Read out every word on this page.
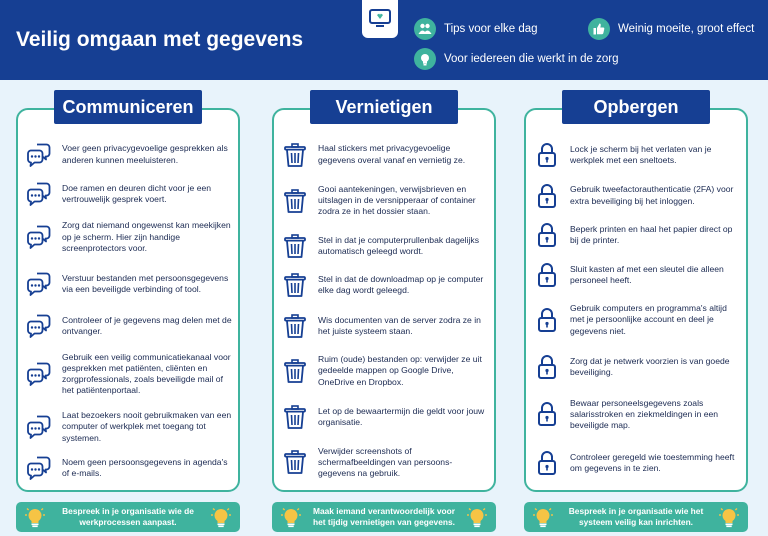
Veilig omgaan met gegevens	Tips voor elke dag	Weinig moeite, groot effect
Voor iedereen die werkt in de zorg
Voer geen privacygevoelige gesprekken als anderen kunnen meeluisteren.
Doe ramen en deuren dicht voor je een vertrouwelijk gesprek voert.
Zorg dat niemand ongewenst kan meekijken op je scherm. Hier zijn handige screenprotectors voor.
Verstuur bestanden met persoonsgegevens via een beveiligde verbinding of tool.
Controleer of je gegevens mag delen met de ontvanger.
Gebruik een veilig communicatiekanaal voor gesprekken met patiënten, cliënten en zorgprofessionals, zoals beveiligde mail of het patiëntenportaal.
Laat bezoekers nooit gebruikmaken van een computer of werkplek met toegang tot systemen.
Noem geen persoonsgegevens in agenda's of e-mails.
Communiceren
Haal stickers met privacygevoelige gegevens overal vanaf en vernietig ze.
Gooi aantekeningen, verwijsbrieven en uitslagen in de versnipperaar of container zodra ze in het dossier staan.
Stel in dat je computerprullenbak dagelijks automatisch geleegd wordt.
Stel in dat de downloadmap op je computer elke dag wordt geleegd.
Wis documenten van de server zodra ze in het juiste systeem staan.
Ruim (oude) bestanden op: verwijder ze uit gedeelde mappen op Google Drive, OneDrive en Dropbox.
Let op de bewaartermijn die geldt voor jouw organisatie.
Verwijder screenshots of schermafbeeldingen van persoons-gegevens na gebruik.
Vernietigen
Lock je scherm bij het verlaten van je werkplek met een sneltoets.
Gebruik tweefactorauthenticatie (2FA) voor extra beveiliging bij het inloggen.
Beperk printen en haal het papier direct op bij de printer.
Sluit kasten af met een sleutel die alleen personeel heeft.
Gebruik computers en programma's altijd met je persoonlijke account en deel je gegevens niet.
Zorg dat je netwerk voorzien is van goede beveiliging.
Bewaar personeelsgegevens zoals salarisstroken en ziekmeldingen in een beveiligde map.
Controleer geregeld wie toestemming heeft om gegevens in te zien.
Opbergen
Bespreek in je organisatie wie de werkprocessen aanpast.
Maak iemand verantwoordelijk voor het tijdig vernietigen van gegevens.
Bespreek in je organisatie wie het systeem veilig kan inrichten.
